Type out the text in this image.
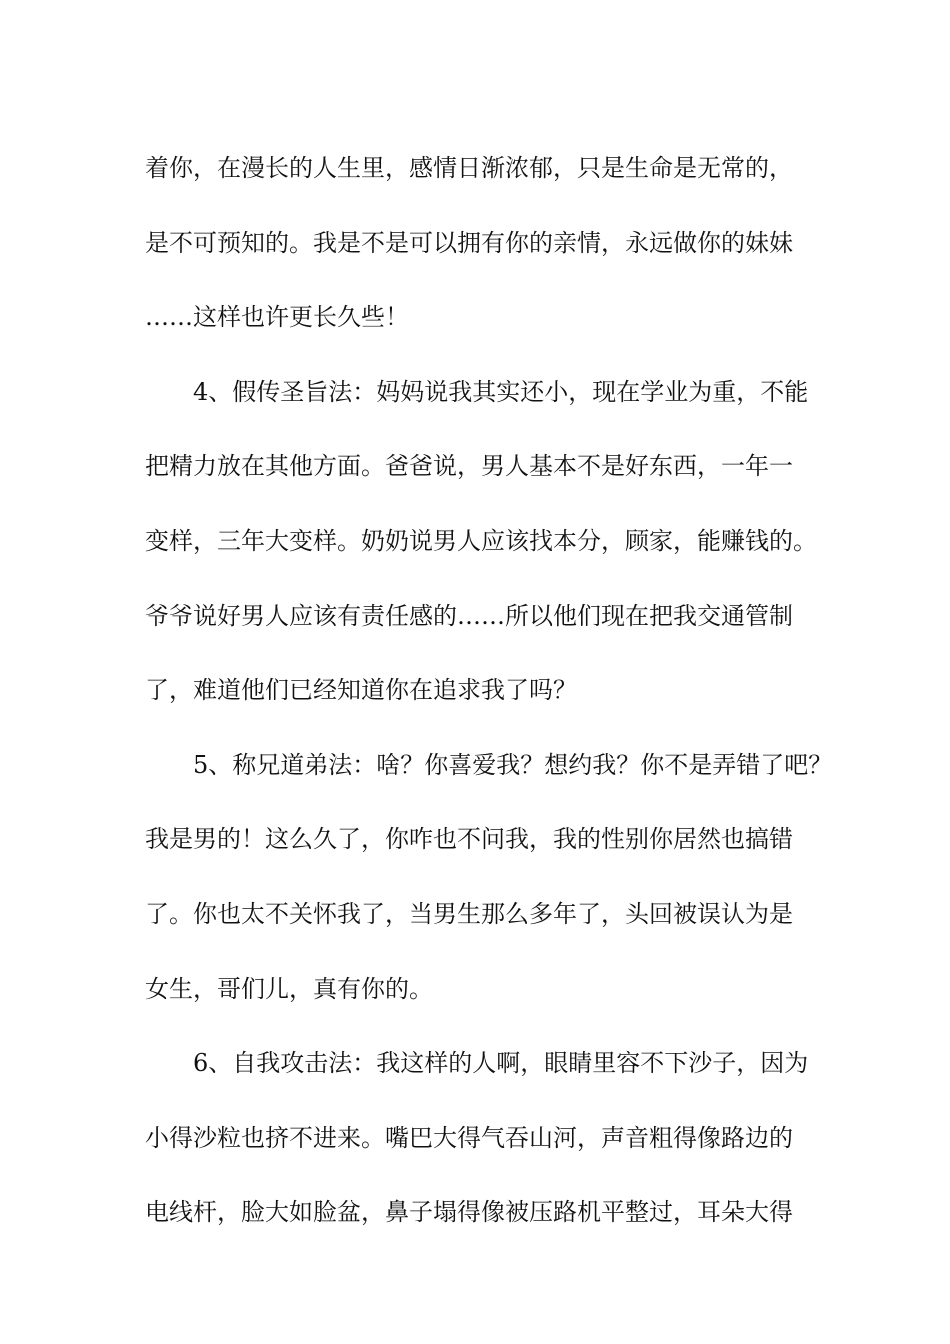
着你，在漫长的人生里，感情日渐浓郁，只是生命是无常的，
是不可预知的。我是不是可以拥有你的亲情，永远做你的妹妹
……这样也许更长久些！
　　4、假传圣旨法：妈妈说我其实还小，现在学业为重，不能
把精力放在其他方面。爸爸说，男人基本不是好东西，一年一
变样，三年大变样。奶奶说男人应该找本分，顾家，能赚钱的。
爷爷说好男人应该有责任感的……所以他们现在把我交通管制
了，难道他们已经知道你在追求我了吗？
　　5、称兄道弟法：啥？你喜爱我？想约我？你不是弄错了吧？
我是男的！这么久了，你咋也不问我，我的性别你居然也搞错
了。你也太不关怀我了，当男生那么多年了，头回被误认为是
女生，哥们儿，真有你的。
　　6、自我攻击法：我这样的人啊，眼睛里容不下沙子，因为
小得沙粒也挤不进来。嘴巴大得气吞山河，声音粗得像路边的
电线杆，脸大如脸盆，鼻子塌得像被压路机平整过，耳朵大得
